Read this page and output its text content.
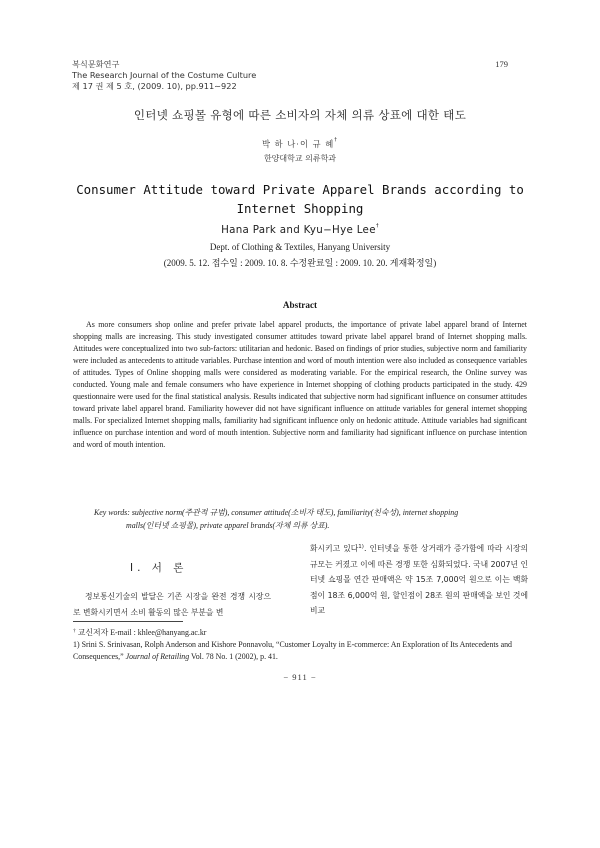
복식문화연구
The Research Journal of the Costume Culture
제 17 권 제 5 호, (2009. 10), pp.911∼922
179
인터넷 쇼핑몰 유형에 따른 소비자의 자체 의류 상표에 대한 태도
박 하 나·이 규 혜†
한양대학교 의류학과
Consumer Attitude toward Private Apparel Brands according to
Internet Shopping
Hana Park and Kyu−Hye Lee†
Dept. of Clothing & Textiles, Hanyang University
(2009. 5. 12. 접수일 : 2009. 10. 8. 수정완료일 : 2009. 10. 20. 게재확정일)
Abstract
As more consumers shop online and prefer private label apparel products, the importance of private label apparel brand of Internet shopping malls are increasing. This study investigated consumer attitudes toward private label apparel brand of Internet shopping malls. Attitudes were conceptualized into two sub-factors: utilitarian and hedonic. Based on findings of prior studies, subjective norm and familiarity were included as antecedents to attitude variables. Purchase intention and word of mouth intention were also included as consequence variables of attitudes. Types of Online shopping malls were considered as moderating variable. For the empirical research, the Online survey was conducted. Young male and female consumers who have experience in Internet shopping of clothing products participated in the study. 429 questionnaire were used for the final statistical analysis. Results indicated that subjective norm had significant influence on consumer attitudes toward private label apparel brand. Familiarity however did not have significant influence on attitude variables for general internet shopping malls. For specialized Internet shopping malls, familiarity had significant influence only on hedonic attitude. Attitude variables had significant influence on purchase intention and word of mouth intention. Subjective norm and familiarity had significant influence on purchase intention and word of mouth intention.
Key words: subjective norm(주관적 규범), consumer attitude(소비자 태도), familiarity(친숙성), internet shopping
malls(인터넷 쇼핑몰), private apparel brands(자체 의류 상표).
Ⅰ. 서 론
정보통신기술의 발달은 기존 시장을 완전 경쟁 시장으로 변화시키면서 소비 활동의 많은 부분을 변
화시키고 있다$^{1)}$. 인터넷을 통한 상거래가 증가함에 따라 시장의 규모는 커졌고 이에 따른 경쟁 또한 심화되었다. 국내 2007년 인터넷 쇼핑몰 연간 판매액은 약 15조 7,000억 원으로 이는 백화점이 18조 6,000억 원, 할인점이 28조 원의 판매액을 보인 것에 비교
† 교신저자 E-mail : khlee@hanyang.ac.kr
1) Srini S. Srinivasan, Rolph Anderson and Kishore Ponnavolu, “Customer Loyalty in E-commerce: An Exploration of Its Antecedents and Consequences,” Journal of Retailing Vol. 78 No. 1 (2002), p. 41.
− 911 −
